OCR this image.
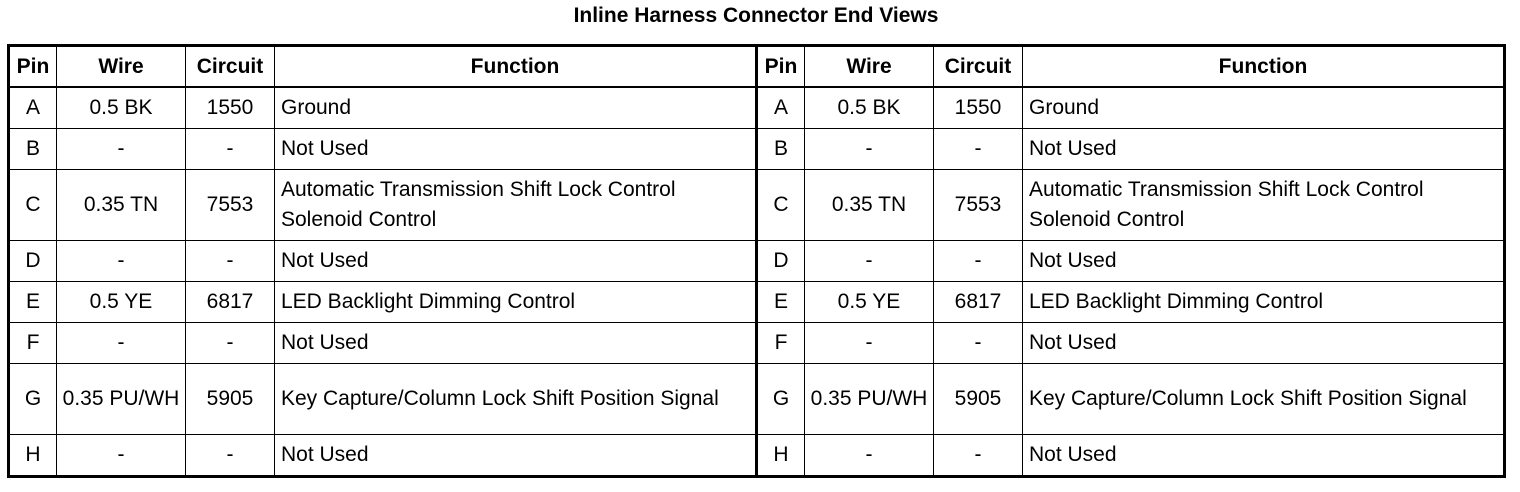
Inline Harness Connector End Views
Pin	Wire	Circuit	Function	Pin	Wire	Circuit	Function
A	0.5 BK	1550	Ground	A	0.5 BK	1550	Ground
B	-	-	Not Used	B	-	-	Not Used
C	0.35 TN	7553	Automatic Transmission Shift Lock Control Solenoid Control	C	0.35 TN	7553	Automatic Transmission Shift Lock Control Solenoid Control
D	-	-	Not Used	D	-	-	Not Used
E	0.5 YE	6817	LED Backlight Dimming Control	E	0.5 YE	6817	LED Backlight Dimming Control
F	-	-	Not Used	F	-	-	Not Used
G	0.35 PU/WH	5905	Key Capture/Column Lock Shift Position Signal	G	0.35 PU/WH	5905	Key Capture/Column Lock Shift Position Signal
H	-	-	Not Used	H	-	-	Not Used
